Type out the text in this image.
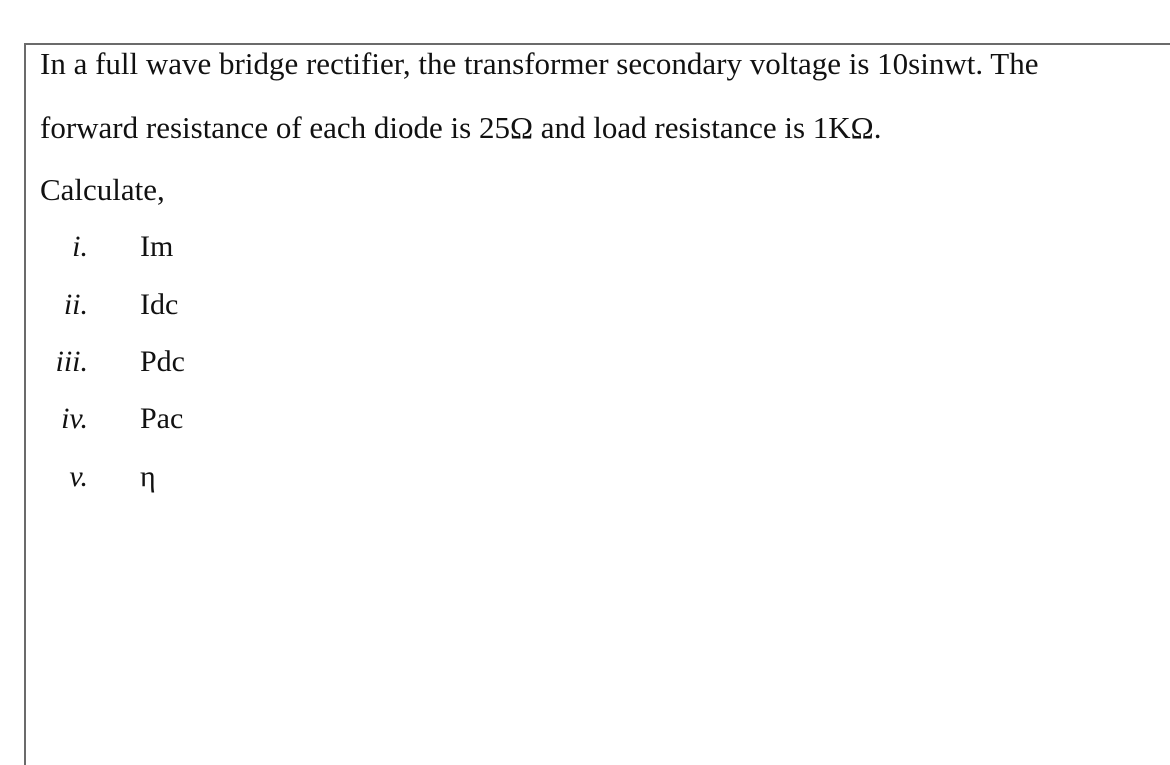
In a full wave bridge rectifier, the transformer secondary voltage is 10sinwt. The
forward resistance of each diode is 25Ω and load resistance is 1KΩ.
Calculate,
i. Im
ii. Idc
iii. Pdc
iv. Pac
v. η
